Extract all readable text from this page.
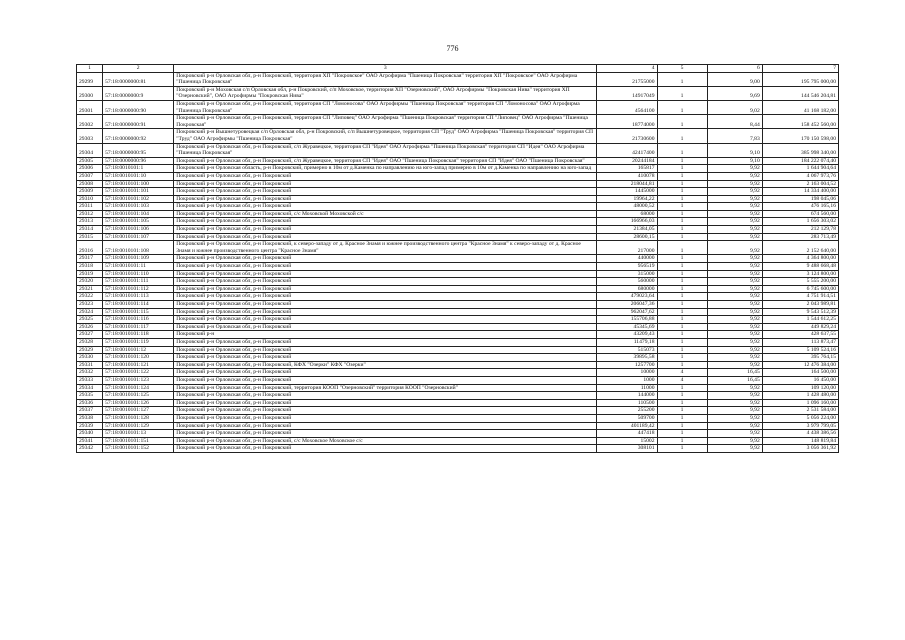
776
1	2	3	4	5	6	7
29299	57:18:0000000:81	Покровский р-н Орловская обл, р-н Покровский, территория ХП "Покровское" ОАО Агрофирма "Пшеница Покровская" территория ХП "Покровское" ОАО Агрофирма "Пшеница Покровская"	21755000	1	9,00	195 795 000,00
29300	57:18:0000000:9	Покровский р-н Моховская с/п Орловская обл, р-н Покровский, с/п Моховское, территория ХП "Озерновский", ОАО Агрофирмы "Покровская Нива" территория ХП "Озерновский", ОАО Агрофирмы "Покровская Нива"	14917049	1	9,69	144 546 204,81
29301	57:18:0000000:90	Покровский р-н Орловская обл, р-н Покровский, территория СП "Ломоносова" ОАО Агрофирмы "Пшеница Покровская" территория СП "Ломоносова" ОАО Агрофирма "Пшеница Покровская"	4564100	1	9,02	41 168 182,00
29302	57:18:0000000:91	Покровский р-н Орловская обл, р-н Покровский, территория СП "Липовец" ОАО Агрофирма "Пшеница Покровская" территория СП "Липовец" ОАО Агрофирма "Пшеница Покровская"	18774000	1	8,44	158 452 560,00
29303	57:18:0000000:92	Покровский р-н Вышнетуровецкая с/п Орловская обл, р-н Покровский, с/п Вышнетуровецкое, территория СП "Труд" ОАО Агрофирма "Пшеница Покровская" территория СП "Труд" ОАО Агрофирмы "Пшеница Покровская"	21730600	1	7,83	170 150 598,00
29304	57:18:0000000:95	Покровский р-н Орловская обл, р-н Покровский, с/п Журавецкое, территория СП "Идея" ОАО Агрофирма "Пшеница Покровская" территория СП "Идея" ОАО Агрофирма "Пшеница Покровская"	42417400	1	9,10	385 998 340,00
29305	57:18:0000000:96	Покровский р-н Орловская обл, р-н Покровский, с/п Журавецкое, территория СП "Идея" ОАО "Пшеница Покровская" территория СП "Идея" ОАО "Пшеница Покровская"	20244184	1	9,10	184 222 074,40
29306	57:18:0010101:1	Покровский р-н Орловская область, р-н Покровский, примерно в 10м от д.Каменка по направлению на юго-запад примерно в 10м от д.Каменка по направлению на юго-запад	165817	1	9,92	1 644 904,64
29307	57:18:0010101:10	Покровский р-н Орловская обл, р-н Покровский	410078	1	9,92	4 067 973,76
29308	57:18:0010101:100	Покровский р-н Орловская обл, р-н Покровский	218044,81	1	9,92	2 163 004,52
29309	57:18:0010101:101	Покровский р-н Орловская обл, р-н Покровский	1445000	1	9,92	14 334 400,00
29310	57:18:0010101:102	Покровский р-н Орловская обл, р-н Покровский	19964,22	1	9,92	198 045,06
29311	57:18:0010101:103	Покровский р-н Орловская обл, р-н Покровский	48000,52	1	9,92	476 165,16
29312	57:18:0010101:104	Покровский р-н Орловская обл, р-н Покровский, с/с Моховской Моховской с/с	68000	1	9,92	674 560,00
29313	57:18:0010101:105	Покровский р-н Орловская обл, р-н Покровский	166966,03	1	9,92	1 656 303,02
29314	57:18:0010101:106	Покровский р-н Орловская обл, р-н Покровский	21384,05	1	9,92	212 129,78
29315	57:18:0010101:107	Покровский р-н Орловская обл, р-н Покровский	28600,15	1	9,92	283 713,49
29316	57:18:0010101:108	Покровский р-н Орловская обл, р-н Покровский, к северо-западу от д. Красное Знамя и южнее производственного центра "Красное Знамя" к северо-западу от д. Красное Знамя и южнее производственного центра "Красное Знамя"	217000	1	9,92	2 152 640,00
29317	57:18:0010101:109	Покровский р-н Орловская обл, р-н Покровский	440000	1	9,92	4 364 800,00
29318	57:18:0010101:11	Покровский р-н Орловская обл, р-н Покровский	956519	1	9,92	9 488 668,48
29319	57:18:0010101:110	Покровский р-н Орловская обл, р-н Покровский	315000	1	9,92	3 124 800,00
29320	57:18:0010101:111	Покровский р-н Орловская обл, р-н Покровский	560000	1	9,92	5 555 200,00
29321	57:18:0010101:112	Покровский р-н Орловская обл, р-н Покровский	680000	1	9,92	6 745 600,00
29322	57:18:0010101:113	Покровский р-н Орловская обл, р-н Покровский	479023,64	1	9,92	4 751 914,51
29323	57:18:0010101:114	Покровский р-н Орловская обл, р-н Покровский	206047,36	1	9,92	2 043 989,81
29324	57:18:0010101:115	Покровский р-н Орловская обл, р-н Покровский	962047,62	1	9,92	9 543 512,39
29325	57:18:0010101:116	Покровский р-н Орловская обл, р-н Покровский	155706,88	1	9,92	1 544 612,25
29326	57:18:0010101:117	Покровский р-н Орловская обл, р-н Покровский	45345,69	1	9,92	449 829,24
29327	57:18:0010101:118	Покровский р-н	43209,43	1	9,92	428 637,55
29328	57:18:0010101:119	Покровский р-н Орловская обл, р-н Покровский	11479,18	1	9,92	113 873,47
29329	57:18:0010101:12	Покровский р-н Орловская обл, р-н Покровский	515073	1	9,92	5 109 524,16
29330	57:18:0010101:120	Покровский р-н Орловская обл, р-н Покровский	39895,58	1	9,92	395 764,15
29331	57:18:0010101:121	Покровский р-н Орловская обл, р-н Покровский, КФХ "Озерки" КФХ "Озерки"	1257700	1	9,92	12 476 384,00
29332	57:18:0010101:122	Покровский р-н Орловская обл, р-н Покровский	10000	4	16,45	164 500,00
29333	57:18:0010101:123	Покровский р-н Орловская обл, р-н Покровский	1000	4	16,45	16 450,00
29334	57:18:0010101:124	Покровский р-н Орловская обл, р-н Покровский, территория КООП "Озерновский" территория КООП "Озерновский"	11000	1	9,92	109 120,00
29335	57:18:0010101:125	Покровский р-н Орловская обл, р-н Покровский	144000	1	9,92	1 428 480,00
29336	57:18:0010101:126	Покровский р-н Орловская обл, р-н Покровский	110500	1	9,92	1 096 160,00
29337	57:18:0010101:127	Покровский р-н Орловская обл, р-н Покровский	255200	1	9,92	2 531 584,00
29338	57:18:0010101:128	Покровский р-н Орловская обл, р-н Покровский	509700	1	9,92	5 056 224,00
29339	57:18:0010101:129	Покровский р-н Орловская обл, р-н Покровский	401189,42	1	9,92	3 979 799,05
29340	57:18:0010101:13	Покровский р-н Орловская обл, р-н Покровский	447418	1	9,92	4 438 386,56
29341	57:18:0010101:151	Покровский р-н Орловская обл, р-н Покровский, с/с Моховское Моховское с/с	15002	1	9,92	148 819,84
29342	57:18:0010101:152	Покровский р-н Орловская обл, р-н Покровский	308101	1	9,92	3 056 361,92
